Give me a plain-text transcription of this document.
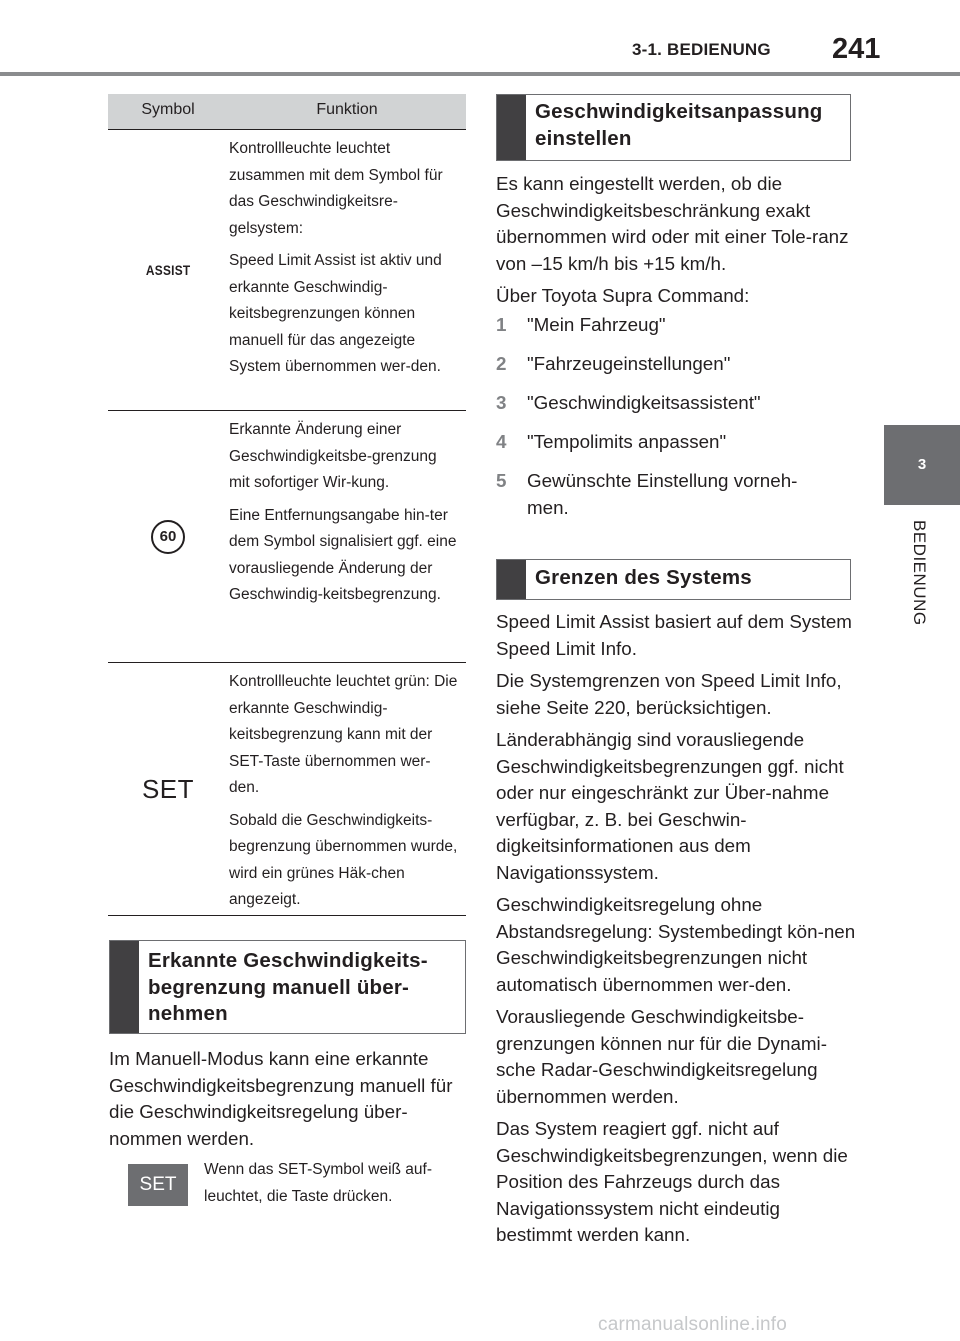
3-1. BEDIENUNG 241
3
BEDIENUNG
Symbol	Funktion
ASSIST

Kontrollleuchte leuchtet zusammen mit dem Symbol für das Geschwindigkeitsre-gelsystem:

Speed Limit Assist ist aktiv und erkannte Geschwindig-keitsbegrenzungen können manuell für das angezeigte System übernommen wer-den.

60

Erkannte Änderung einer Geschwindigkeitsbe-grenzung mit sofortiger Wir-kung.

Eine Entfernungsangabe hin-ter dem Symbol signalisiert ggf. eine vorausliegende Änderung der Geschwindig-keitsbegrenzung.

SET

Kontrollleuchte leuchtet grün: Die erkannte Geschwindig-keitsbegrenzung kann mit der SET-Taste übernommen wer-den.

Sobald die Geschwindigkeits-begrenzung übernommen wurde, wird ein grünes Häk-chen angezeigt.

Erkannte Geschwindigkeits-begrenzung manuell über-nehmen

Im Manuell-Modus kann eine erkannte Geschwindigkeitsbegrenzung manuell für die Geschwindigkeitsregelung über-nommen werden.

SET
Wenn das SET-Symbol weiß auf-leuchtet, die Taste drücken.
Geschwindigkeitsanpassung einstellen

Es kann eingestellt werden, ob die Geschwindigkeitsbeschränkung exakt übernommen wird oder mit einer Tole-ranz von –15 km/h bis +15 km/h.

Über Toyota Supra Command:

1 "Mein Fahrzeug"
2 "Fahrzeugeinstellungen"
3 "Geschwindigkeitsassistent"
4 "Tempolimits anpassen"
5 Gewünschte Einstellung vorneh-men.
Grenzen des Systems

Speed Limit Assist basiert auf dem System Speed Limit Info.

Die Systemgrenzen von Speed Limit Info, siehe Seite 220, berücksichtigen.

Länderabhängig sind vorausliegende Geschwindigkeitsbegrenzungen ggf. nicht oder nur eingeschränkt zur Über-nahme verfügbar, z. B. bei Geschwin-digkeitsinformationen aus dem Navigationssystem.

Geschwindigkeitsregelung ohne Abstandsregelung: Systembedingt kön-nen Geschwindigkeitsbegrenzungen nicht automatisch übernommen wer-den.

Vorausliegende Geschwindigkeitsbe-grenzungen können nur für die Dynami-sche Radar-Geschwindigkeitsregelung übernommen werden.

Das System reagiert ggf. nicht auf Geschwindigkeitsbegrenzungen, wenn die Position des Fahrzeugs durch das Navigationssystem nicht eindeutig bestimmt werden kann.

carmanualsonline.info
